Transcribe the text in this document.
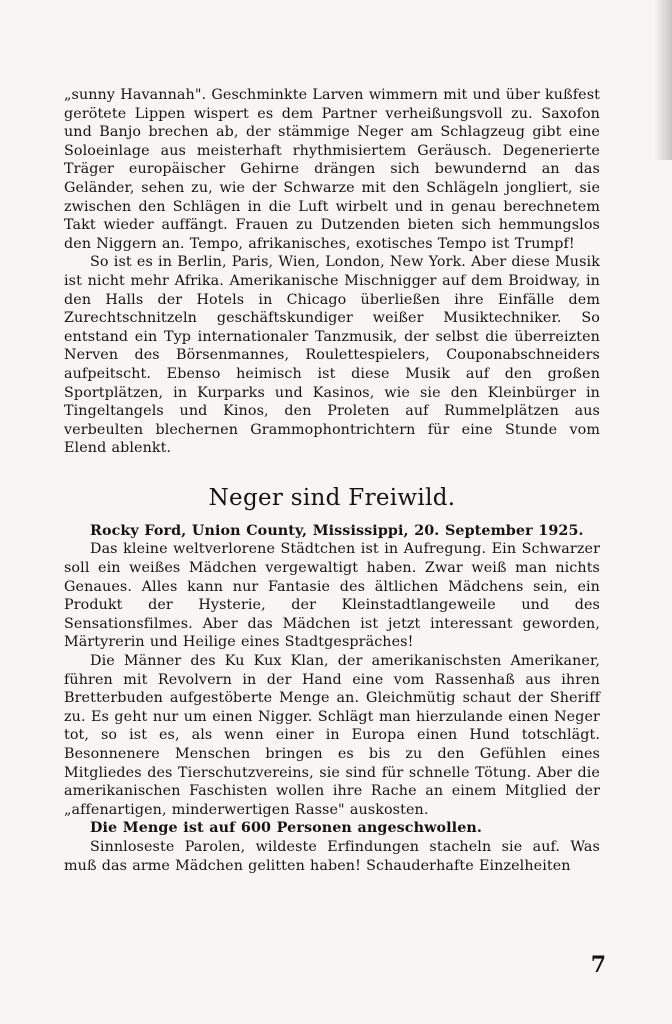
„sunny Havannah". Geschminkte Larven wimmern mit und über kußfest gerötete Lippen wispert es dem Partner verheißungsvoll zu. Saxofon und Banjo brechen ab, der stämmige Neger am Schlagzeug gibt eine Soloeinlage aus meisterhaft rhythmisiertem Geräusch. Degenerierte Träger europäischer Gehirne drängen sich bewundernd an das Geländer, sehen zu, wie der Schwarze mit den Schlägeln jongliert, sie zwischen den Schlägen in die Luft wirbelt und in genau berechnetem Takt wieder auffängt. Frauen zu Dutzenden bieten sich hemmungslos den Niggern an. Tempo, afrikanisches, exotisches Tempo ist Trumpf!

So ist es in Berlin, Paris, Wien, London, New York. Aber diese Musik ist nicht mehr Afrika. Amerikanische Mischnigger auf dem Broidway, in den Halls der Hotels in Chicago überließen ihre Einfälle dem Zurechtschnitzeln geschäftskundiger weißer Musiktechniker. So entstand ein Typ internationaler Tanzmusik, der selbst die überreizten Nerven des Börsenmannes, Roulettespielers, Couponabschneiders aufpeitscht. Ebenso heimisch ist diese Musik auf den großen Sportplätzen, in Kurparks und Kasinos, wie sie den Kleinbürger in Tingeltangels und Kinos, den Proleten auf Rummelplätzen aus verbeulten blechernen Grammophontrichtern für eine Stunde vom Elend ablenkt.

Neger sind Freiwild.

Rocky Ford, Union County, Mississippi, 20. September 1925.

Das kleine weltverlorene Städtchen ist in Aufregung. Ein Schwarzer soll ein weißes Mädchen vergewaltigt haben. Zwar weiß man nichts Genaues. Alles kann nur Fantasie des ältlichen Mädchens sein, ein Produkt der Hysterie, der Kleinstadtlangeweile und des Sensationsfilmes. Aber das Mädchen ist jetzt interessant geworden, Märtyrerin und Heilige eines Stadtgespräches!

Die Männer des Ku Kux Klan, der amerikanischsten Amerikaner, führen mit Revolvern in der Hand eine vom Rassenhaß aus ihren Bretterbuden aufgestöberte Menge an. Gleichmütig schaut der Sheriff zu. Es geht nur um einen Nigger. Schlägt man hierzulande einen Neger tot, so ist es, als wenn einer in Europa einen Hund totschlägt. Besonnenere Menschen bringen es bis zu den Gefühlen eines Mitgliedes des Tierschutzvereins, sie sind für schnelle Tötung. Aber die amerikanischen Faschisten wollen ihre Rache an einem Mitglied der „affenartigen, minderwertigen Rasse" auskosten.

Die Menge ist auf 600 Personen angeschwollen.

Sinnloseste Parolen, wildeste Erfindungen stacheln sie auf. Was muß das arme Mädchen gelitten haben! Schauderhafte Einzelheiten

7
